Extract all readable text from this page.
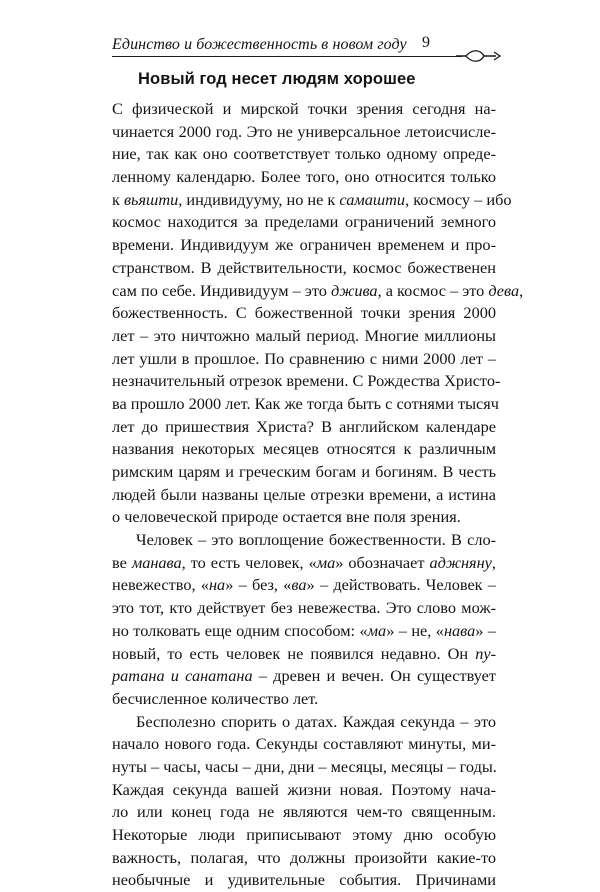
Единство и божественность в новом году 9
Новый год несет людям хорошее
С физической и мирской точки зрения сегодня на-
чинается 2000 год. Это не универсальное летоисчисле-
ние, так как оно соответствует только одному опреде-
ленному календарю. Более того, оно относится только
к вьяшти, индивидууму, но не к самашти, космосу – ибо
космос находится за пределами ограничений земного
времени. Индивидуум же ограничен временем и про-
странством. В действительности, космос божественен
сам по себе. Индивидуум – это джива, а космос – это дева,
божественность. С божественной точки зрения 2000
лет – это ничтожно малый период. Многие миллионы
лет ушли в прошлое. По сравнению с ними 2000 лет –
незначительный отрезок времени. С Рождества Христо-
ва прошло 2000 лет. Как же тогда быть с сотнями тысяч
лет до пришествия Христа? В английском календаре
названия некоторых месяцев относятся к различным
римским царям и греческим богам и богиням. В честь
людей были названы целые отрезки времени, а истина
о человеческой природе остается вне поля зрения.
Человек – это воплощение божественности. В сло-
ве манава, то есть человек, «ма» обозначает аджняну,
невежество, «на» – без, «ва» – действовать. Человек –
это тот, кто действует без невежества. Это слово мож-
но толковать еще одним способом: «ма» – не, «нава» –
новый, то есть человек не появился недавно. Он пу-
ратана и санатана – древен и вечен. Он существует
бесчисленное количество лет.
Бесполезно спорить о датах. Каждая секунда – это
начало нового года. Секунды составляют минуты, ми-
нуты – часы, часы – дни, дни – месяцы, месяцы – годы.
Каждая секунда вашей жизни новая. Поэтому нача-
ло или конец года не являются чем-то священным.
Некоторые люди приписывают этому дню особую
важность, полагая, что должны произойти какие-то
необычные и удивительные события. Причинами
